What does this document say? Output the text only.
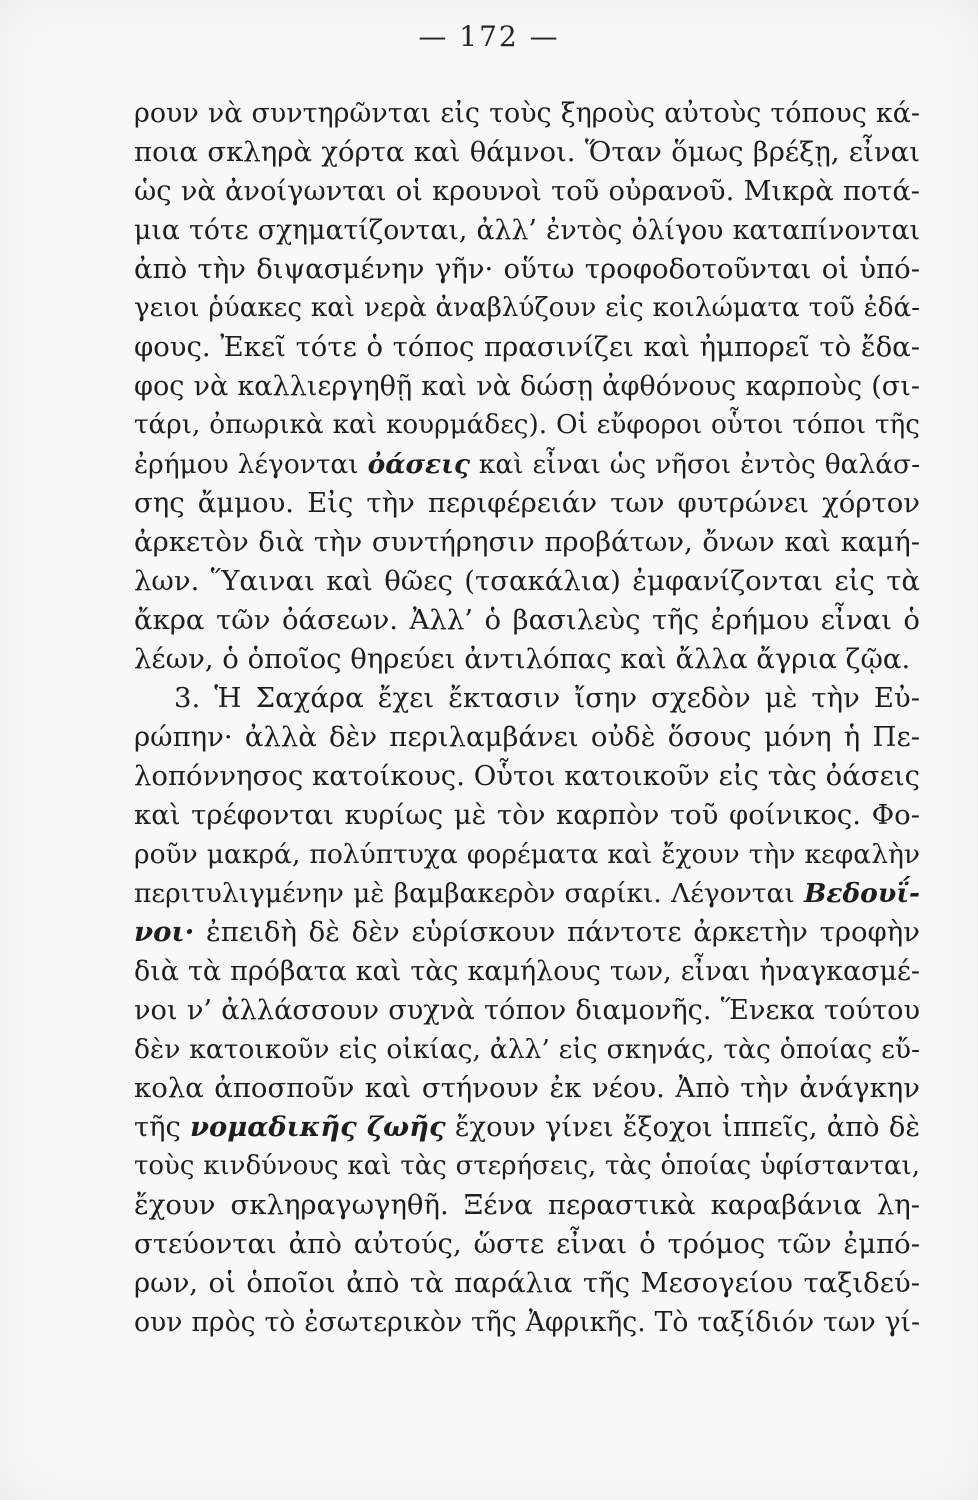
— 172 —
ρουν νὰ συντηρῶνται εἰς τοὺς ξηροὺς αὐτοὺς τόπους κά-
ποια σκληρὰ χόρτα καὶ θάμνοι. Ὅταν ὅμως βρέξῃ, εἶναι
ὡς νὰ ἀνοίγωνται οἱ κρουνοὶ τοῦ οὐρανοῦ. Μικρὰ ποτά-
μια τότε σχηματίζονται, ἀλλ’ ἐντὸς ὀλίγου καταπίνονται
ἀπὸ τὴν διψασμένην γῆν· οὕτω τροφοδοτοῦνται οἱ ὑπό-
γειοι ῥύακες καὶ νερὰ ἀναβλύζουν εἰς κοιλώματα τοῦ ἐδά-
φους. Ἐκεῖ τότε ὁ τόπος πρασινίζει καὶ ἠμπορεῖ τὸ ἔδα-
φος νὰ καλλιεργηθῇ καὶ νὰ δώσῃ ἀφθόνους καρποὺς (σι-
τάρι, ὀπωρικὰ καὶ κουρμάδες). Οἱ εὔφοροι οὗτοι τόποι τῆς
ἐρήμου λέγονται ὀάσεις καὶ εἶναι ὡς νῆσοι ἐντὸς θαλάσ-
σης ἄμμου. Εἰς τὴν περιφέρειάν των φυτρώνει χόρτον
ἀρκετὸν διὰ τὴν συντήρησιν προβάτων, ὄνων καὶ καμή-
λων. Ὕαιναι καὶ θῶες (τσακάλια) ἐμφανίζονται εἰς τὰ
ἄκρα τῶν ὀάσεων. Ἀλλ’ ὁ βασιλεὺς τῆς ἐρήμου εἶναι ὁ
λέων, ὁ ὁποῖος θηρεύει ἀντιλόπας καὶ ἄλλα ἄγρια ζῷα.
3. Ἡ Σαχάρα ἔχει ἔκτασιν ἴσην σχεδὸν μὲ τὴν Εὐ-
ρώπην· ἀλλὰ δὲν περιλαμβάνει οὐδὲ ὅσους μόνη ἡ Πε-
λοπόννησος κατοίκους. Οὗτοι κατοικοῦν εἰς τὰς ὀάσεις
καὶ τρέφονται κυρίως μὲ τὸν καρπὸν τοῦ φοίνικος. Φο-
ροῦν μακρά, πολύπτυχα φορέματα καὶ ἔχουν τὴν κεφαλὴν
περιτυλιγμένην μὲ βαμβακερὸν σαρίκι. Λέγονται Βεδουΐ-
νοι· ἐπειδὴ δὲ δὲν εὑρίσκουν πάντοτε ἀρκετὴν τροφὴν
διὰ τὰ πρόβατα καὶ τὰς καμήλους των, εἶναι ἠναγκασμέ-
νοι ν’ ἀλλάσσουν συχνὰ τόπον διαμονῆς. Ἕνεκα τούτου
δὲν κατοικοῦν εἰς οἰκίας, ἀλλ’ εἰς σκηνάς, τὰς ὁποίας εὔ-
κολα ἀποσποῦν καὶ στήνουν ἐκ νέου. Ἀπὸ τὴν ἀνάγκην
τῆς νομαδικῆς ζωῆς ἔχουν γίνει ἔξοχοι ἱππεῖς, ἀπὸ δὲ
τοὺς κινδύνους καὶ τὰς στερήσεις, τὰς ὁποίας ὑφίστανται,
ἔχουν σκληραγωγηθῆ. Ξένα περαστικὰ καραβάνια λη-
στεύονται ἀπὸ αὐτούς, ὥστε εἶναι ὁ τρόμος τῶν ἐμπό-
ρων, οἱ ὁποῖοι ἀπὸ τὰ παράλια τῆς Μεσογείου ταξιδεύ-
ουν πρὸς τὸ ἐσωτερικὸν τῆς Ἀφρικῆς. Τὸ ταξίδιόν των γί-
